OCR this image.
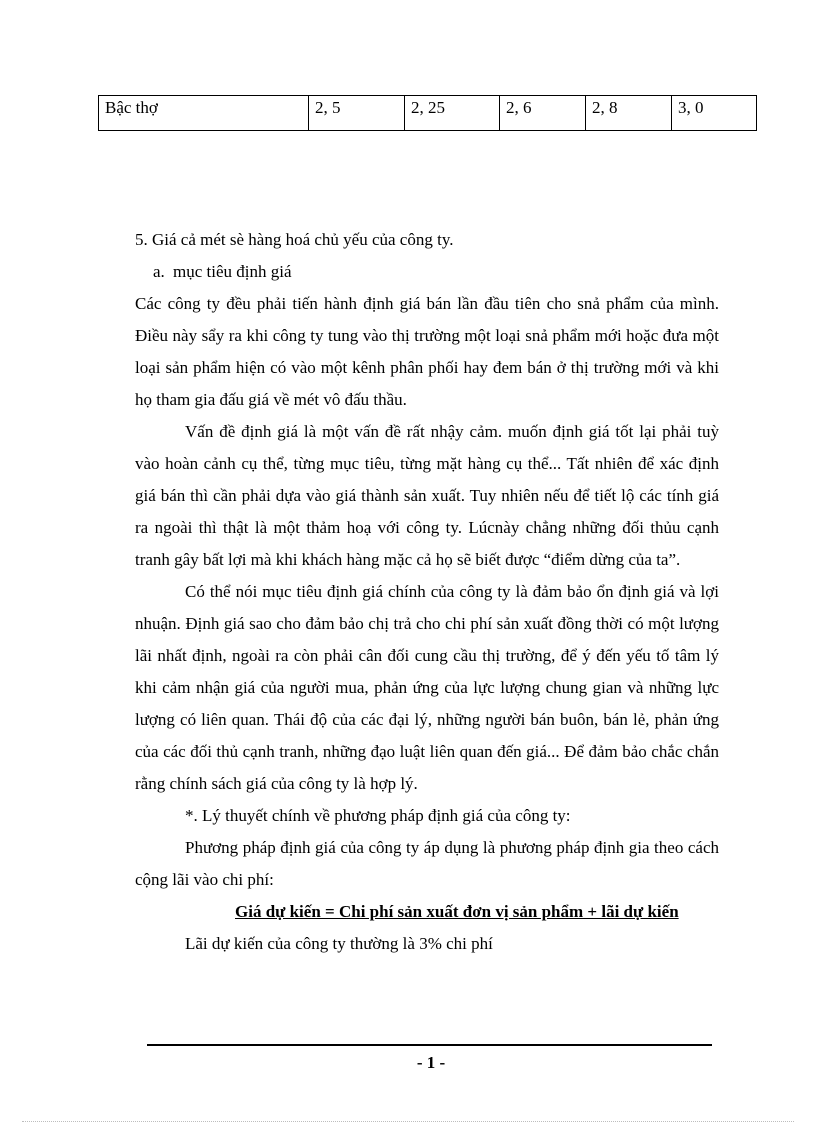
Bậc thợ	2, 5	2, 25	2, 6	2, 8	3, 0

5. Giá cả mét sè hàng hoá chủ yếu của công ty.

a. mục tiêu định giá

Các công ty đều phải tiến hành định giá bán lần đầu tiên cho snả phẩm của mình. Điều này sẩy ra khi công ty tung vào thị trường một loại snả phẩm mới hoặc đưa một loại sản phẩm hiện có vào một kênh phân phối hay đem bán ở thị trường mới và khi họ tham gia đấu giá về mét vô đấu thầu.

Vấn đề định giá là một vấn đề rất nhậy cảm. muốn định giá tốt lại phải tuỳ vào hoàn cảnh cụ thể, từng mục tiêu, từng mặt hàng cụ thể... Tất nhiên để xác định giá bán thì cần phải dựa vào giá thành sản xuất. Tuy nhiên nếu để tiết lộ các tính giá ra ngoài thì thật là một thảm hoạ với công ty. Lúcnày chẳng những đối thủu cạnh tranh gây bất lợi mà khi khách hàng mặc cả họ sẽ biết được “điểm dừng của ta”.

Có thể nói mục tiêu định giá chính của công ty là đảm bảo ổn định giá và lợi nhuận. Định giá sao cho đảm bảo chị trả cho chi phí sản xuất đồng thời có một lượng lãi nhất định, ngoài ra còn phải cân đối cung cầu thị trường, để ý đến yếu tố tâm lý khi cảm nhận giá của người mua, phản ứng của lực lượng chung gian và những lực lượng có liên quan. Thái độ của các đại lý, những người bán buôn, bán lẻ, phản ứng của các đối thủ cạnh tranh, những đạo luật liên quan đến giá... Để đảm bảo chắc chắn rằng chính sách giá của công ty là hợp lý.

*. Lý thuyết chính về phương pháp định giá của công ty:

Phương pháp định giá của công ty áp dụng là phương pháp định gia theo cách cộng lãi vào chi phí:

Giá dự kiến = Chi phí sản xuất đơn vị sản phẩm + lãi dự kiến

Lãi dự kiến của công ty thường là 3% chi phí

- 1 -
